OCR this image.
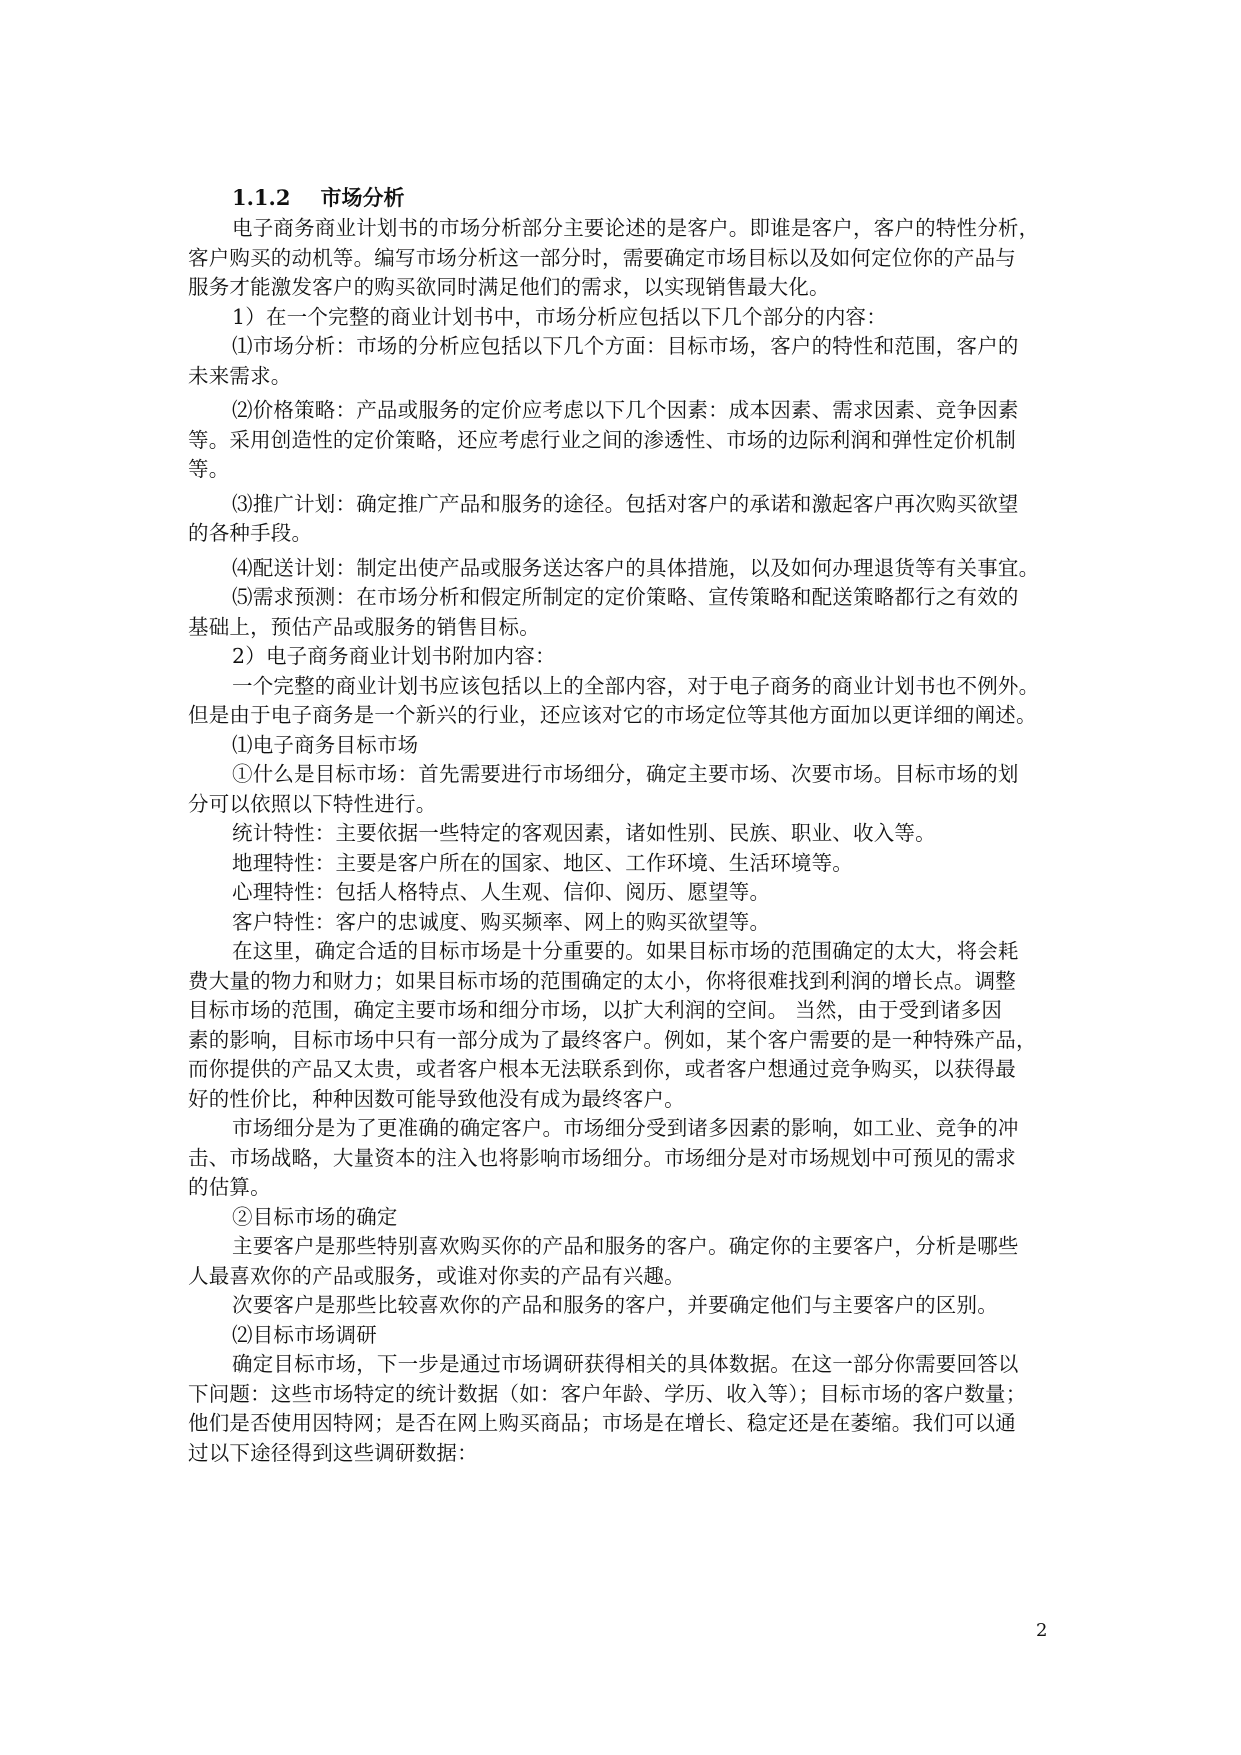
1.1.2 市场分析
电子商务商业计划书的市场分析部分主要论述的是客户。即谁是客户，客户的特性分析，
客户购买的动机等。编写市场分析这一部分时，需要确定市场目标以及如何定位你的产品与
服务才能激发客户的购买欲同时满足他们的需求，以实现销售最大化。
1）在一个完整的商业计划书中，市场分析应包括以下几个部分的内容：
⑴市场分析：市场的分析应包括以下几个方面：目标市场，客户的特性和范围，客户的
未来需求。
⑵价格策略：产品或服务的定价应考虑以下几个因素：成本因素、需求因素、竞争因素
等。采用创造性的定价策略，还应考虑行业之间的渗透性、市场的边际利润和弹性定价机制
等。
⑶推广计划：确定推广产品和服务的途径。包括对客户的承诺和激起客户再次购买欲望
的各种手段。
⑷配送计划：制定出使产品或服务送达客户的具体措施，以及如何办理退货等有关事宜。
⑸需求预测：在市场分析和假定所制定的定价策略、宣传策略和配送策略都行之有效的
基础上，预估产品或服务的销售目标。
2）电子商务商业计划书附加内容：
一个完整的商业计划书应该包括以上的全部内容，对于电子商务的商业计划书也不例外。
但是由于电子商务是一个新兴的行业，还应该对它的市场定位等其他方面加以更详细的阐述。
⑴电子商务目标市场
①什么是目标市场：首先需要进行市场细分，确定主要市场、次要市场。目标市场的划
分可以依照以下特性进行。
统计特性：主要依据一些特定的客观因素，诸如性别、民族、职业、收入等。
地理特性：主要是客户所在的国家、地区、工作环境、生活环境等。
心理特性：包括人格特点、人生观、信仰、阅历、愿望等。
客户特性：客户的忠诚度、购买频率、网上的购买欲望等。
在这里，确定合适的目标市场是十分重要的。如果目标市场的范围确定的太大，将会耗
费大量的物力和财力；如果目标市场的范围确定的太小，你将很难找到利润的增长点。调整
目标市场的范围，确定主要市场和细分市场，以扩大利润的空间。 当然，由于受到诸多因
素的影响，目标市场中只有一部分成为了最终客户。例如，某个客户需要的是一种特殊产品，
而你提供的产品又太贵，或者客户根本无法联系到你，或者客户想通过竞争购买，以获得最
好的性价比，种种因数可能导致他没有成为最终客户。
市场细分是为了更准确的确定客户。市场细分受到诸多因素的影响，如工业、竞争的冲
击、市场战略，大量资本的注入也将影响市场细分。市场细分是对市场规划中可预见的需求
的估算。
②目标市场的确定
主要客户是那些特别喜欢购买你的产品和服务的客户。确定你的主要客户，分析是哪些
人最喜欢你的产品或服务，或谁对你卖的产品有兴趣。
次要客户是那些比较喜欢你的产品和服务的客户，并要确定他们与主要客户的区别。
⑵目标市场调研
确定目标市场，下一步是通过市场调研获得相关的具体数据。在这一部分你需要回答以
下问题：这些市场特定的统计数据（如：客户年龄、学历、收入等）；目标市场的客户数量；
他们是否使用因特网；是否在网上购买商品；市场是在增长、稳定还是在萎缩。我们可以通
过以下途径得到这些调研数据：
2
